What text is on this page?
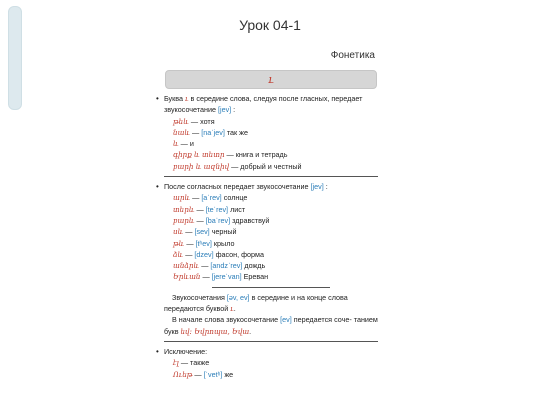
Урок 04-1
Фонетика
ւ

• Буква ւ в середине слова, следуя после гласных, передает звукосочетание [jev] :

թեև — хотя

նաև — [naˈjev] так же

և — и

գիրք և տետր — книга и тетрадь

բարի և ազնիվ — добрый и честный

• После согласных передает звукосочетание [jev] :

արև — [aˈrev] солнце

տերև — [teˈrev] лист

բարև — [baˈrev] здравствуй

սև — [sev] черный

թև — [tʰev] крыло

ձև — [dzev] фасон, форма

անձրև — [andzˈrev] дождь

Երևան — [jereˈvan] Ереван

Звукосочетания [əv, ev] в середине и на конце слова передаются буквой ւ.

В начале слова звукосочетание [ev] передается соче- танием букв եվ: Եվրոպա, Եվա.

• Исключение:

էլ — также

Ուեթ — [ˈvetʰ] же
